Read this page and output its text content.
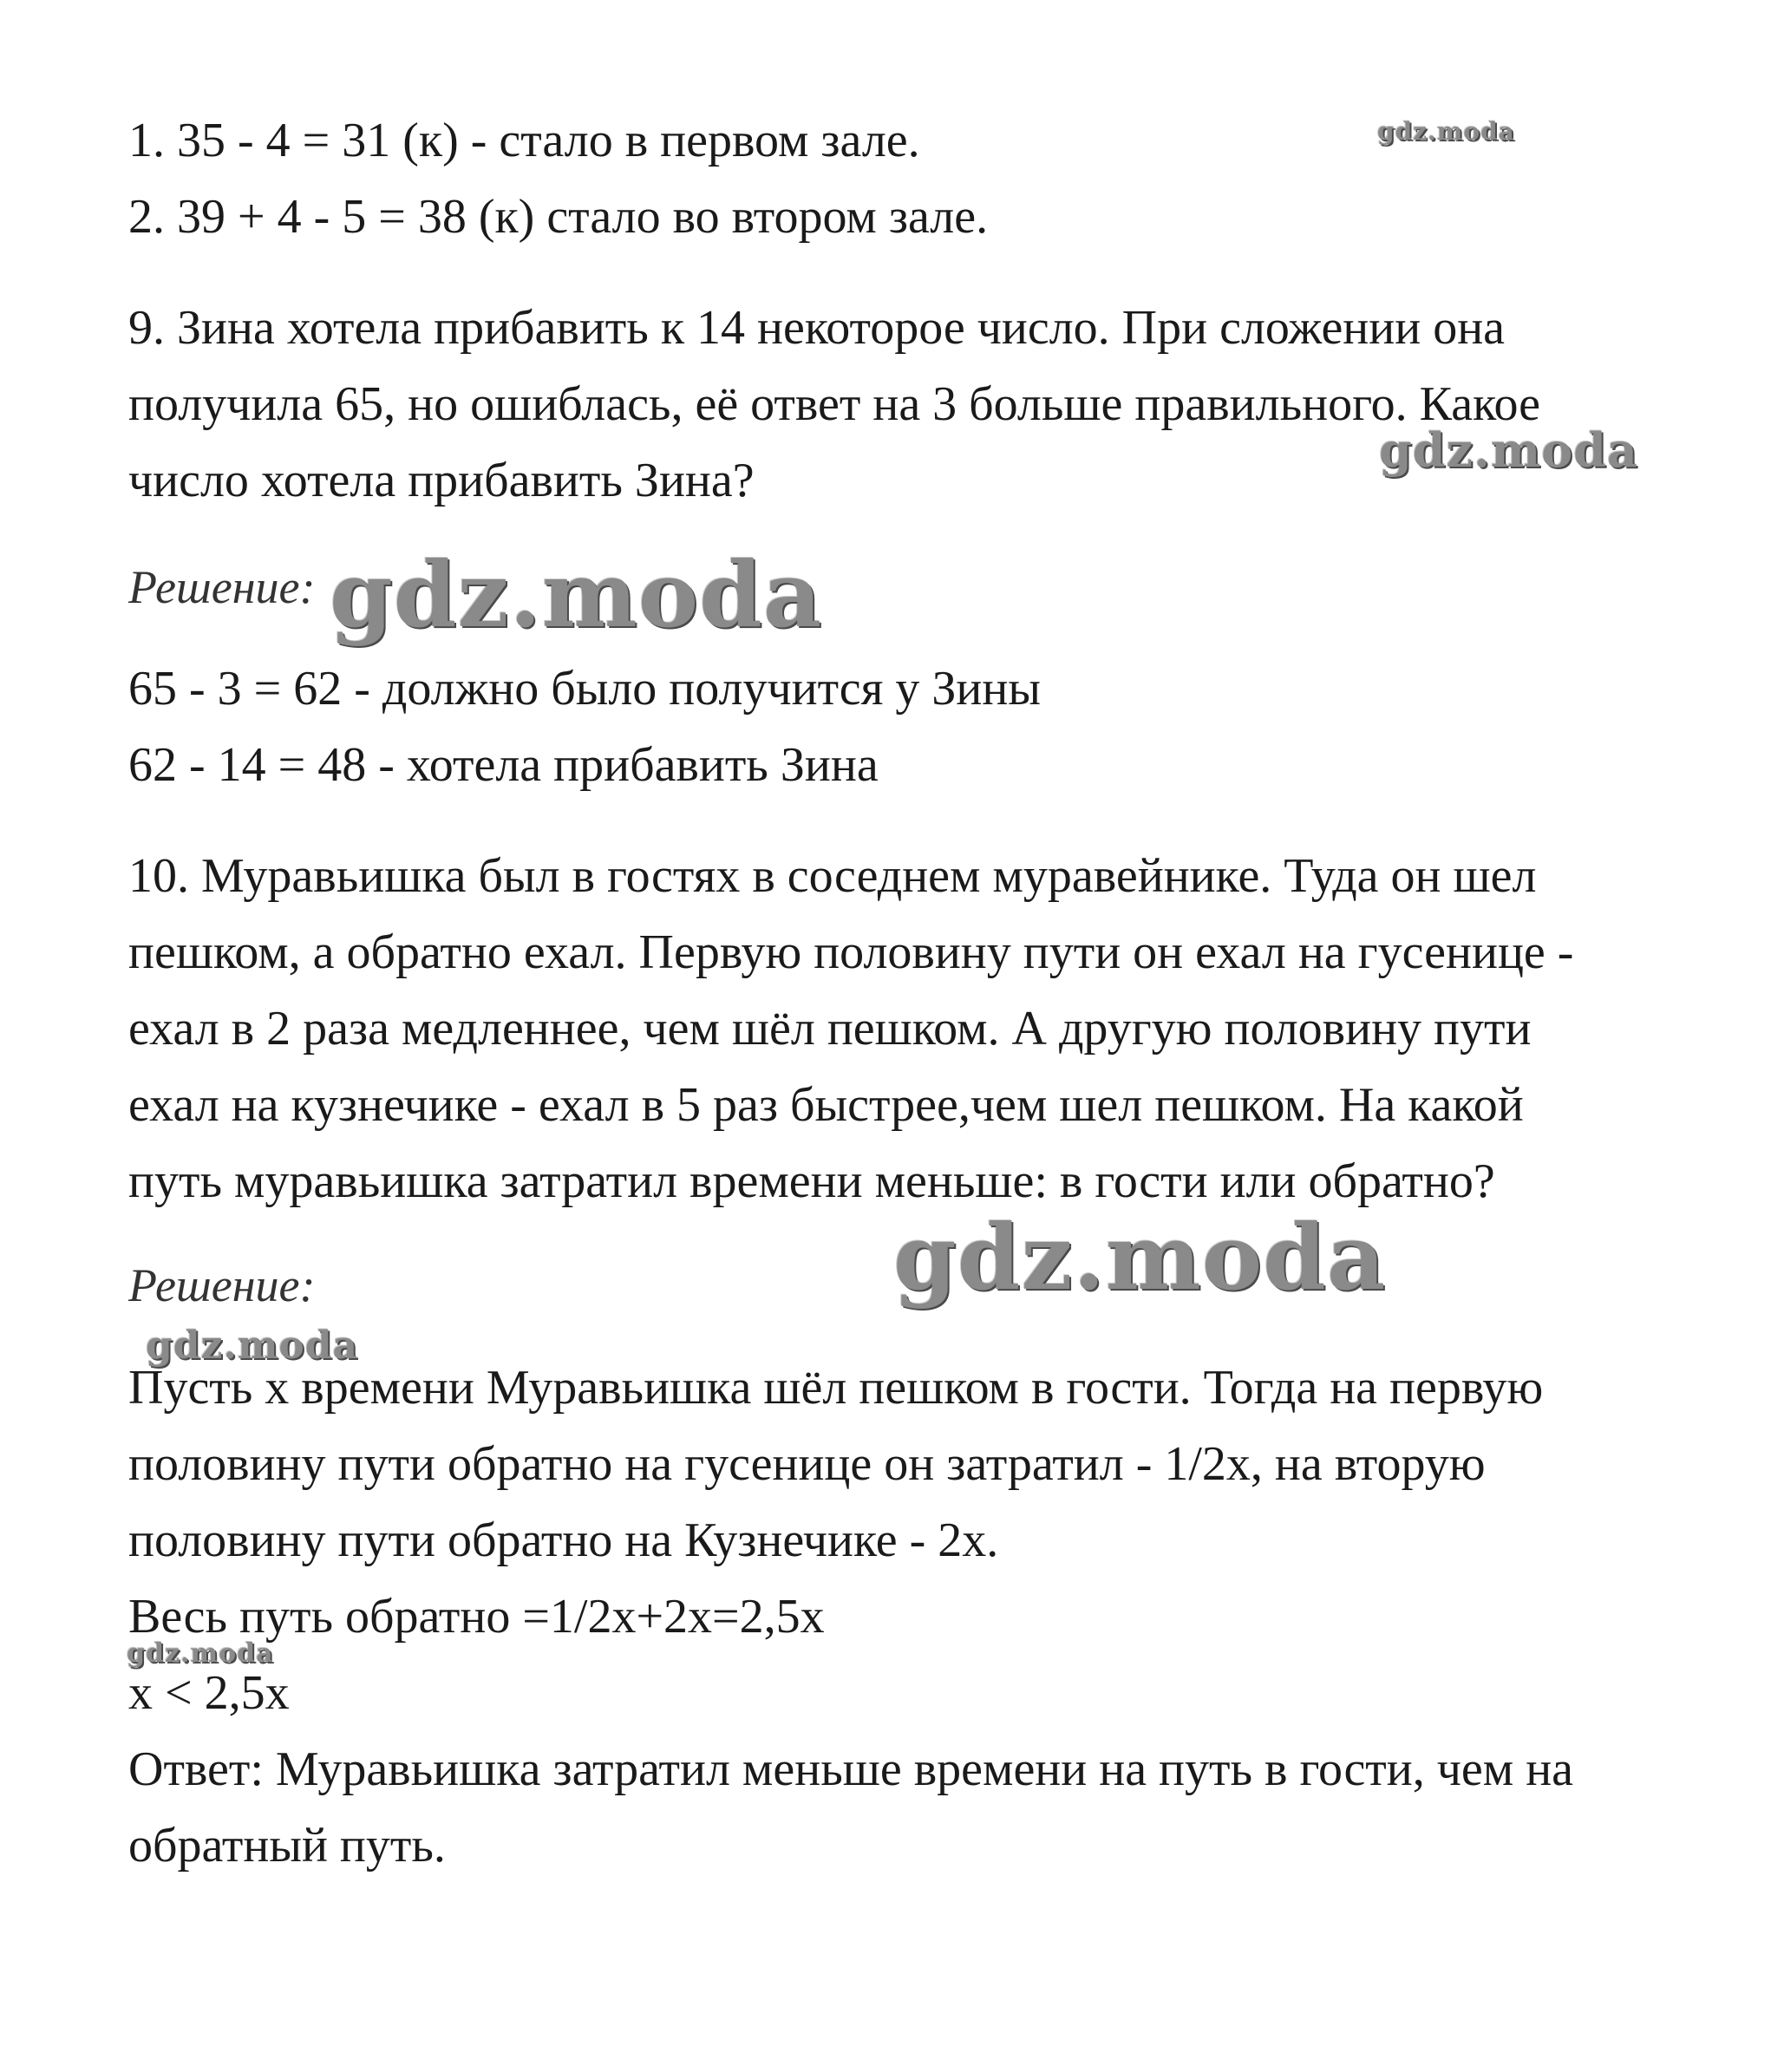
1. 35 - 4 = 31 (к) - стало в первом зале.
2. 39 + 4 - 5 = 38 (к) стало во втором зале.
9. Зина хотела прибавить к 14 некоторое число. При сложении она
получила 65, но ошиблась, её ответ на 3 больше правильного. Какое
число хотела прибавить Зина?
Решение:
65 - 3 = 62 - должно было получится у Зины
62 - 14 = 48 - хотела прибавить Зина
10. Муравьишка был в гостях в соседнем муравейнике. Туда он шел
пешком, а обратно ехал. Первую половину пути он ехал на гусенице -
ехал в 2 раза медленнее, чем шёл пешком. А другую половину пути
ехал на кузнечике - ехал в 5 раз быстрее,чем шел пешком. На какой
путь муравьишка затратил времени меньше: в гости или обратно?
Решение:
Пусть х времени Муравьишка шёл пешком в гости. Тогда на первую
половину пути обратно на гусенице он затратил - 1/2х, на вторую
половину пути обратно на Кузнечике - 2х.
Весь путь обратно =1/2х+2х=2,5х
х < 2,5х
Ответ: Муравьишка затратил меньше времени на путь в гости, чем на
обратный путь.
gdz.moda
gdz.moda
gdz.moda
gdz.moda
gdz.moda
gdz.moda
